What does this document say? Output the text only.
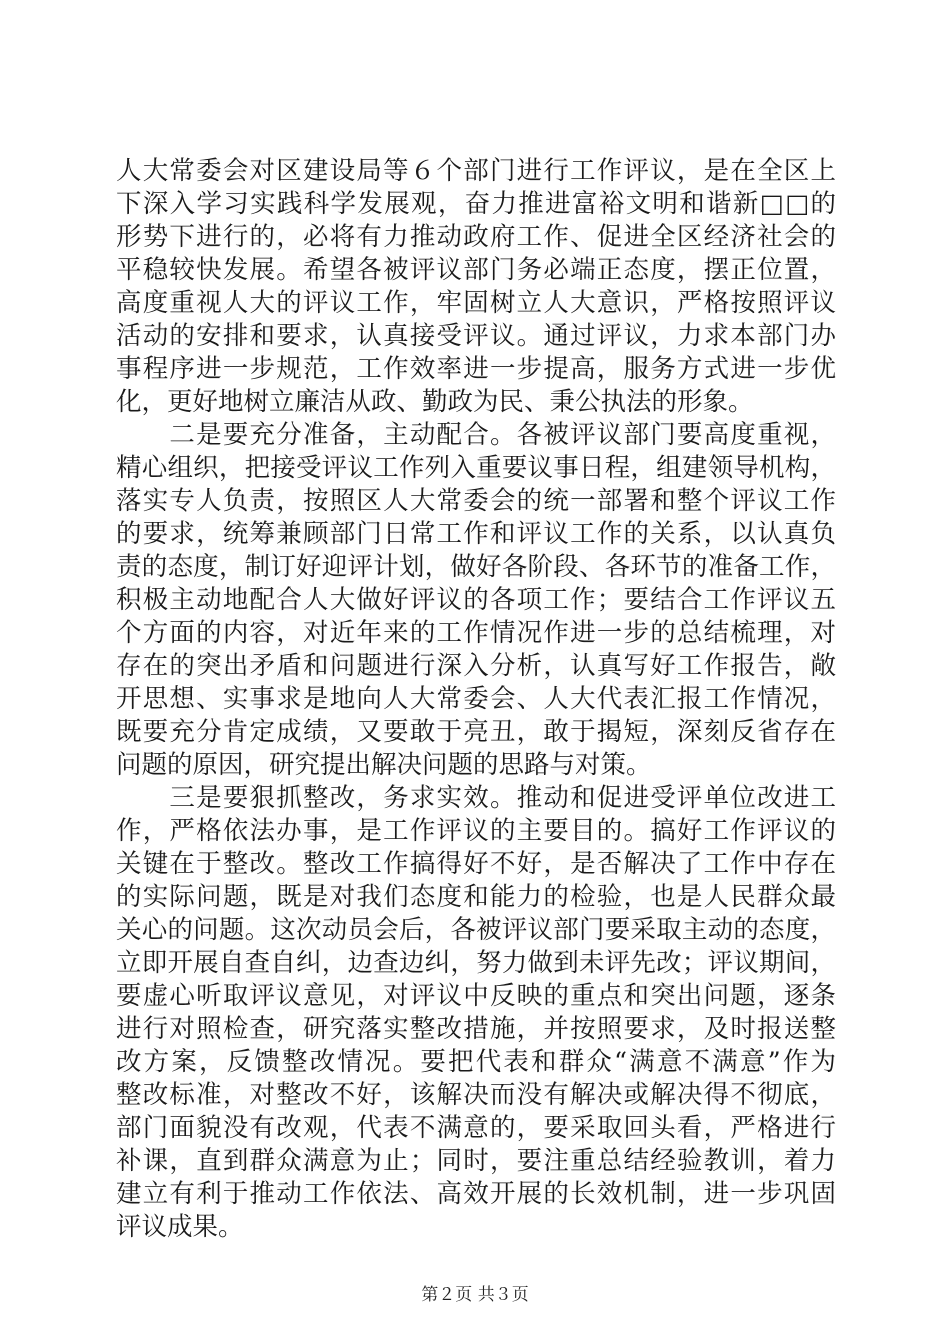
人大常委会对区建设局等６个部门进行工作评议，是在全区上
下深入学习实践科学发展观，奋力推进富裕文明和谐新□□的
形势下进行的，必将有力推动政府工作、促进全区经济社会的
平稳较快发展。希望各被评议部门务必端正态度，摆正位置，
高度重视人大的评议工作，牢固树立人大意识，严格按照评议
活动的安排和要求，认真接受评议。通过评议，力求本部门办
事程序进一步规范，工作效率进一步提高，服务方式进一步优
化，更好地树立廉洁从政、勤政为民、秉公执法的形象。
　　二是要充分准备，主动配合。各被评议部门要高度重视，
精心组织，把接受评议工作列入重要议事日程，组建领导机构，
落实专人负责，按照区人大常委会的统一部署和整个评议工作
的要求，统筹兼顾部门日常工作和评议工作的关系，以认真负
责的态度，制订好迎评计划，做好各阶段、各环节的准备工作，
积极主动地配合人大做好评议的各项工作；要结合工作评议五
个方面的内容，对近年来的工作情况作进一步的总结梳理，对
存在的突出矛盾和问题进行深入分析，认真写好工作报告，敞
开思想、实事求是地向人大常委会、人大代表汇报工作情况，
既要充分肯定成绩，又要敢于亮丑，敢于揭短，深刻反省存在
问题的原因，研究提出解决问题的思路与对策。
　　三是要狠抓整改，务求实效。推动和促进受评单位改进工
作，严格依法办事，是工作评议的主要目的。搞好工作评议的
关键在于整改。整改工作搞得好不好，是否解决了工作中存在
的实际问题，既是对我们态度和能力的检验，也是人民群众最
关心的问题。这次动员会后，各被评议部门要采取主动的态度，
立即开展自查自纠，边查边纠，努力做到未评先改；评议期间，
要虚心听取评议意见，对评议中反映的重点和突出问题，逐条
进行对照检查，研究落实整改措施，并按照要求，及时报送整
改方案，反馈整改情况。要把代表和群众“满意不满意”作为
整改标准，对整改不好，该解决而没有解决或解决得不彻底，
部门面貌没有改观，代表不满意的，要采取回头看，严格进行
补课，直到群众满意为止；同时，要注重总结经验教训，着力
建立有利于推动工作依法、高效开展的长效机制，进一步巩固
评议成果。
第２页 共３页
